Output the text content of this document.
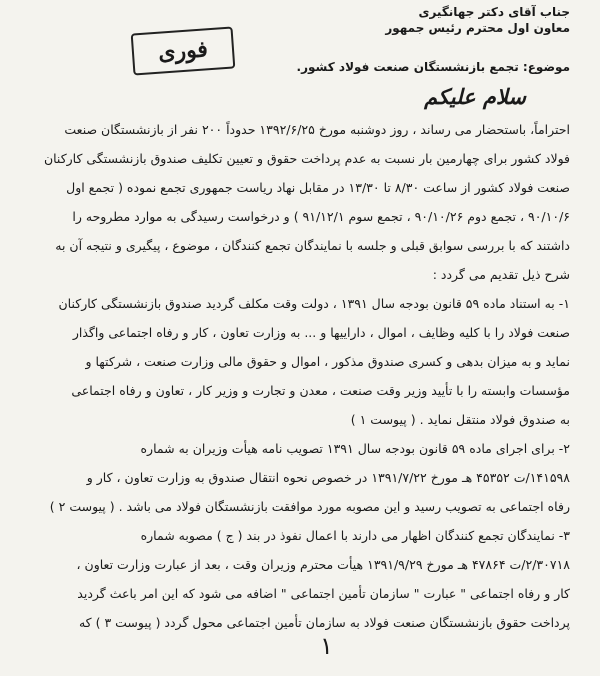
جناب آقای دکتر جهانگیری
معاون اول محترم رئیس جمهور
فوری
موضوع: تجمع بازنشستگان صنعت فولاد کشور.
سلام علیکم
احتراماً، باستحضار می رساند ، روز دوشنبه مورخ ۱۳۹۲/۶/۲۵ حدوداً ۲۰۰ نفر از بازنشستگان صنعت
فولاد کشور برای چهارمین بار نسبت به عدم پرداخت حقوق و تعیین تکلیف صندوق بازنشستگی کارکنان
صنعت فولاد کشور از ساعت ۸/۳۰ تا ۱۳/۳۰ در مقابل نهاد ریاست جمهوری تجمع نموده ( تجمع اول
۹۰/۱۰/۶ ، تجمع دوم ۹۰/۱۰/۲۶ ، تجمع سوم ۹۱/۱۲/۱ ) و درخواست رسیدگی به موارد مطروحه را
داشتند که با بررسی سوابق قبلی و جلسه با نمایندگان تجمع کنندگان ، موضوع ، پیگیری و نتیجه آن به
شرح ذیل تقدیم می گردد :
۱- به استناد ماده ۵۹ قانون بودجه سال ۱۳۹۱ ، دولت وقت مکلف گردید صندوق بازنشستگی کارکنان
صنعت فولاد را با کلیه وظایف ، اموال ، داراییها و ... به وزارت تعاون ، کار و رفاه اجتماعی واگذار
نماید و به میزان بدهی و کسری صندوق مذکور ، اموال و حقوق مالی وزارت صنعت ، شرکتها و
مؤسسات وابسته را با تأیید وزیر وقت صنعت ، معدن و تجارت و وزیر کار ، تعاون و رفاه اجتماعی
به صندوق فولاد منتقل نماید . ( پیوست ۱ )
۲- برای اجرای ماده ۵۹ قانون بودجه سال ۱۳۹۱ تصویب نامه هیأت وزیران به شماره
۱۴۱۵۹۸/ت ۴۵۳۵۲ هـ مورخ ۱۳۹۱/۷/۲۲ در خصوص نحوه انتقال صندوق به وزارت تعاون ، کار و
رفاه اجتماعی به تصویب رسید و این مصوبه مورد موافقت بازنشستگان فولاد می باشد . ( پیوست ۲ )
۳- نمایندگان تجمع کنندگان اظهار می دارند با اعمال نفوذ در بند ( ج ) مصوبه شماره
۲/۳۰۷۱۸/ت ۴۷۸۶۴ هـ مورخ ۱۳۹۱/۹/۲۹ هیأت محترم وزیران وقت ، بعد از عبارت وزارت تعاون ،
کار و رفاه اجتماعی " عبارت " سازمان تأمین اجتماعی " اضافه می شود که این امر باعث گردید
پرداخت حقوق بازنشستگان صنعت فولاد به سازمان تأمین اجتماعی محول گردد ( پیوست ۳ ) که
۱
